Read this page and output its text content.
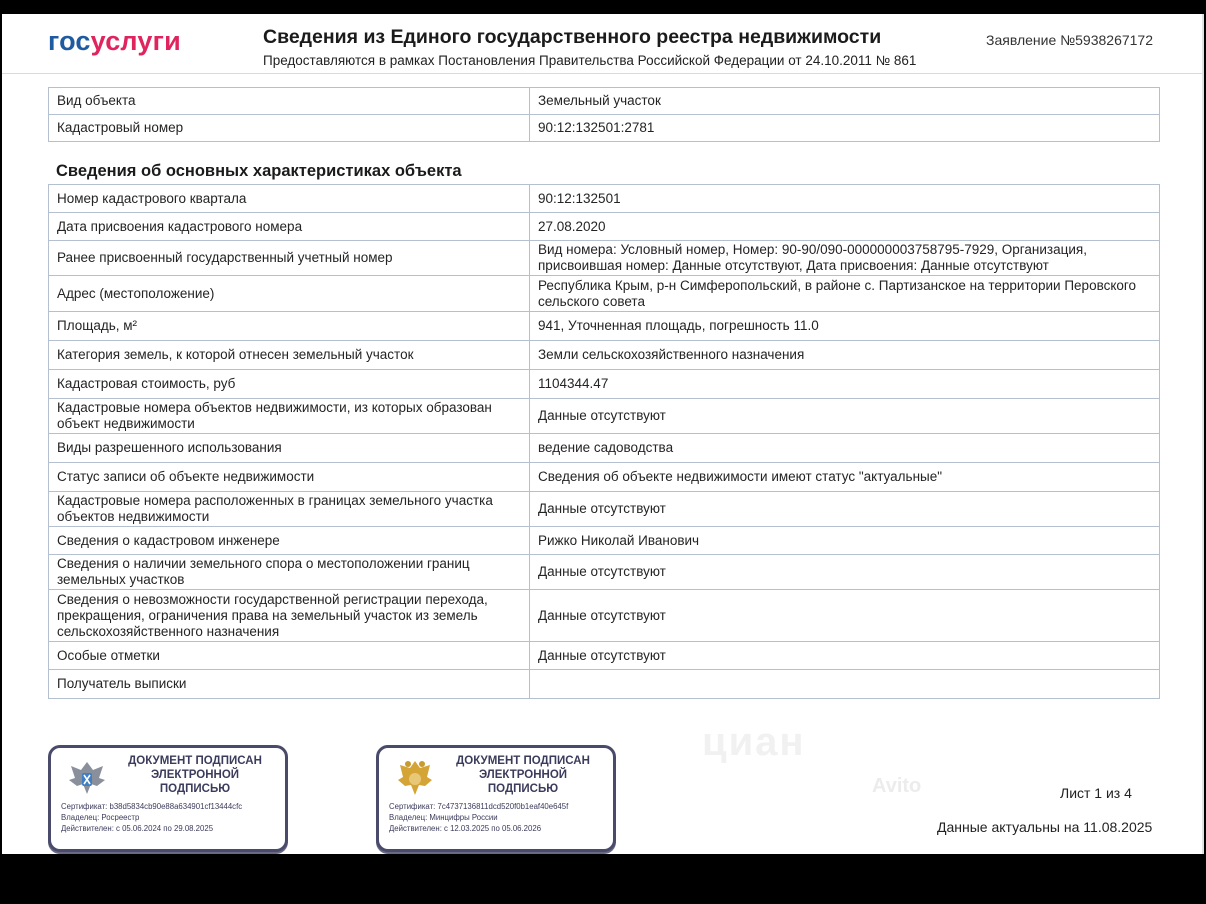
госуслуги	Сведения из Единого государственного реестра недвижимости
Предоставляются в рамках Постановления Правительства Российской Федерации от 24.10.2011 № 861
Заявление №5938267172
Вид объекта	Земельный участок
Кадастровый номер	90:12:132501:2781
Сведения об основных характеристиках объекта
Номер кадастрового квартала	90:12:132501
Дата присвоения кадастрового номера	27.08.2020
Ранее присвоенный государственный учетный номер	Вид номера: Условный номер, Номер: 90-90/090-000000003758795-7929, Организация, присвоившая номер: Данные отсутствуют, Дата присвоения: Данные отсутствуют
Адрес (местоположение)	Республика Крым, р-н Симферопольский, в районе с. Партизанское на территории Перовского сельского совета
Площадь, м²	941, Уточненная площадь, погрешность 11.0
Категория земель, к которой отнесен земельный участок	Земли сельскохозяйственного назначения
Кадастровая стоимость, руб	1104344.47
Кадастровые номера объектов недвижимости, из которых образован объект недвижимости	Данные отсутствуют
Виды разрешенного использования	ведение садоводства
Статус записи об объекте недвижимости	Сведения об объекте недвижимости имеют статус "актуальные"
Кадастровые номера расположенных в границах земельного участка объектов недвижимости	Данные отсутствуют
Сведения о кадастровом инженере	Рижко Николай Иванович
Сведения о наличии земельного спора о местоположении границ земельных участков	Данные отсутствуют
Сведения о невозможности государственной регистрации перехода, прекращения, ограничения права на земельный участок из земель сельскохозяйственного назначения	Данные отсутствуют
Особые отметки	Данные отсутствуют
Получатель выписки	
циан
ДОКУМЕНТ ПОДПИСАН ЭЛЕКТРОННОЙ ПОДПИСЬЮ
Сертификат: b38d5834cb90e88a634901cf13444cfc
Владелец: Росреестр
Действителен: с 05.06.2024 по 29.08.2025
ДОКУМЕНТ ПОДПИСАН ЭЛЕКТРОННОЙ ПОДПИСЬЮ
Сертификат: 7c4737136811dcd520f0b1eaf40e645f
Владелец: Минцифры России
Действителен: с 12.03.2025 по 05.06.2026
Avito	Лист 1 из 4
Данные актуальны на 11.08.2025
